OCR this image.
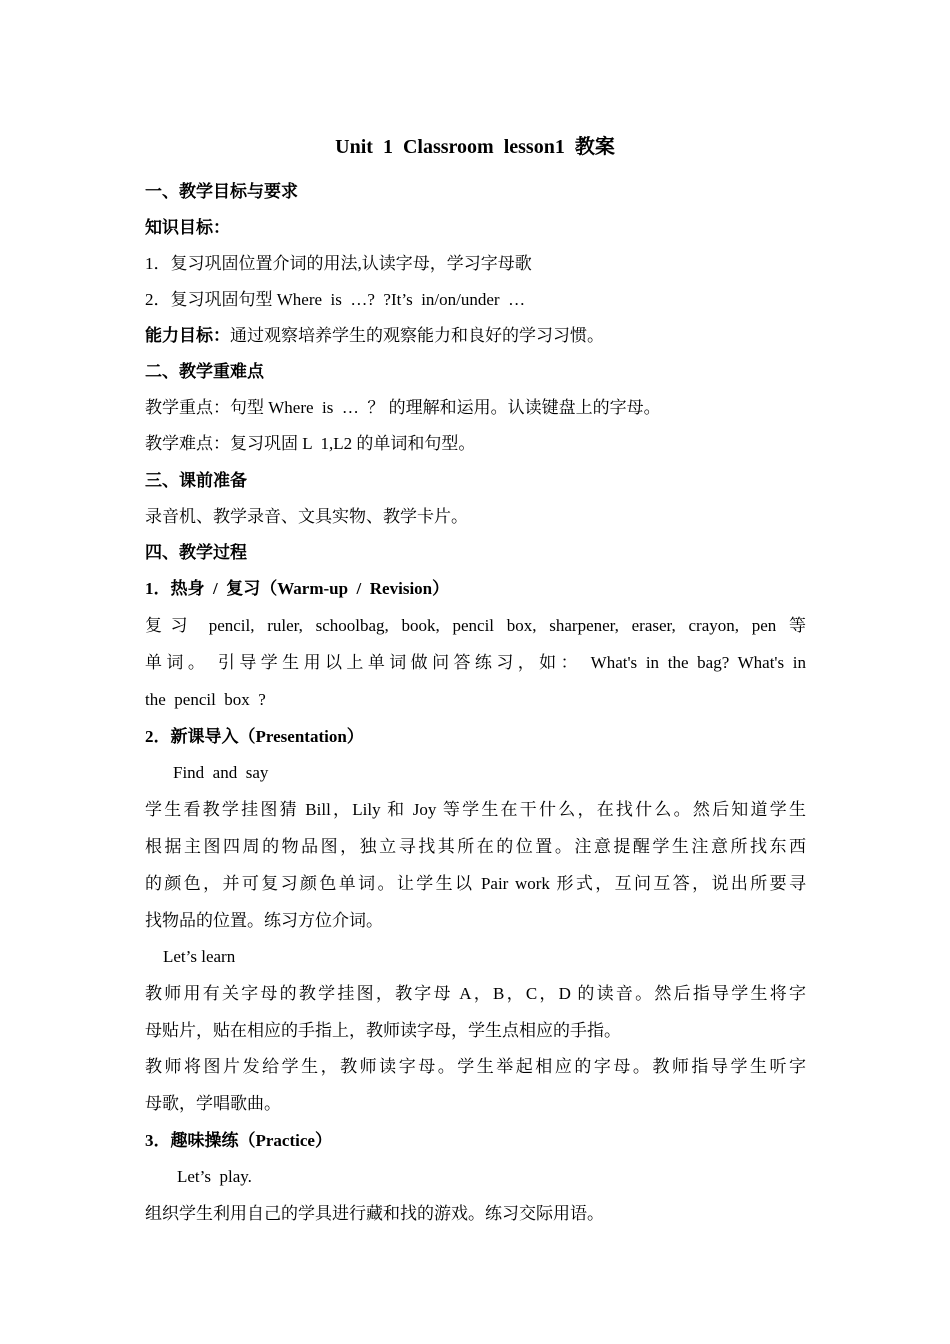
Unit  1  Classroom  lesson1  教案
一、教学目标与要求
知识目标：
1．复习巩固位置介词的用法,认读字母，学习字母歌
2．复习巩固句型 Where  is  …?  ?It’s  in/on/under  …
能力目标：通过观察培养学生的观察能力和良好的学习习惯。
二、教学重难点
教学重点：句型 Where  is  …  ？ 的理解和运用。认读键盘上的字母。
教学难点：复习巩固 L  1,L2 的单词和句型。
三、课前准备
录音机、教学录音、文具实物、教学卡片。
四、教学过程
1．热身  /  复习（Warm-up  /  Revision）
复习 pencil, ruler, schoolbag, book, pencil box, sharpener, eraser, crayon, pen 等
单词。 引导学生用以上单词做问答练习，如： What's in the bag? What's in
the  pencil  box  ?
2．新课导入（Presentation）
Find  and  say
学生看教学挂图猜 Bill，Lily 和 Joy 等学生在干什么，在找什么。然后知道学生
根据主图四周的物品图，独立寻找其所在的位置。注意提醒学生注意所找东西
的颜色，并可复习颜色单词。让学生以 Pair work 形式，互问互答，说出所要寻
找物品的位置。练习方位介词。
Let’s learn
教师用有关字母的教学挂图，教字母 A，B，C，D 的读音。然后指导学生将字
母贴片，贴在相应的手指上，教师读字母，学生点相应的手指。
教师将图片发给学生，教师读字母。学生举起相应的字母。教师指导学生听字
母歌，学唱歌曲。
3．趣味操练（Practice）
Let’s  play.
组织学生利用自己的学具进行藏和找的游戏。练习交际用语。
